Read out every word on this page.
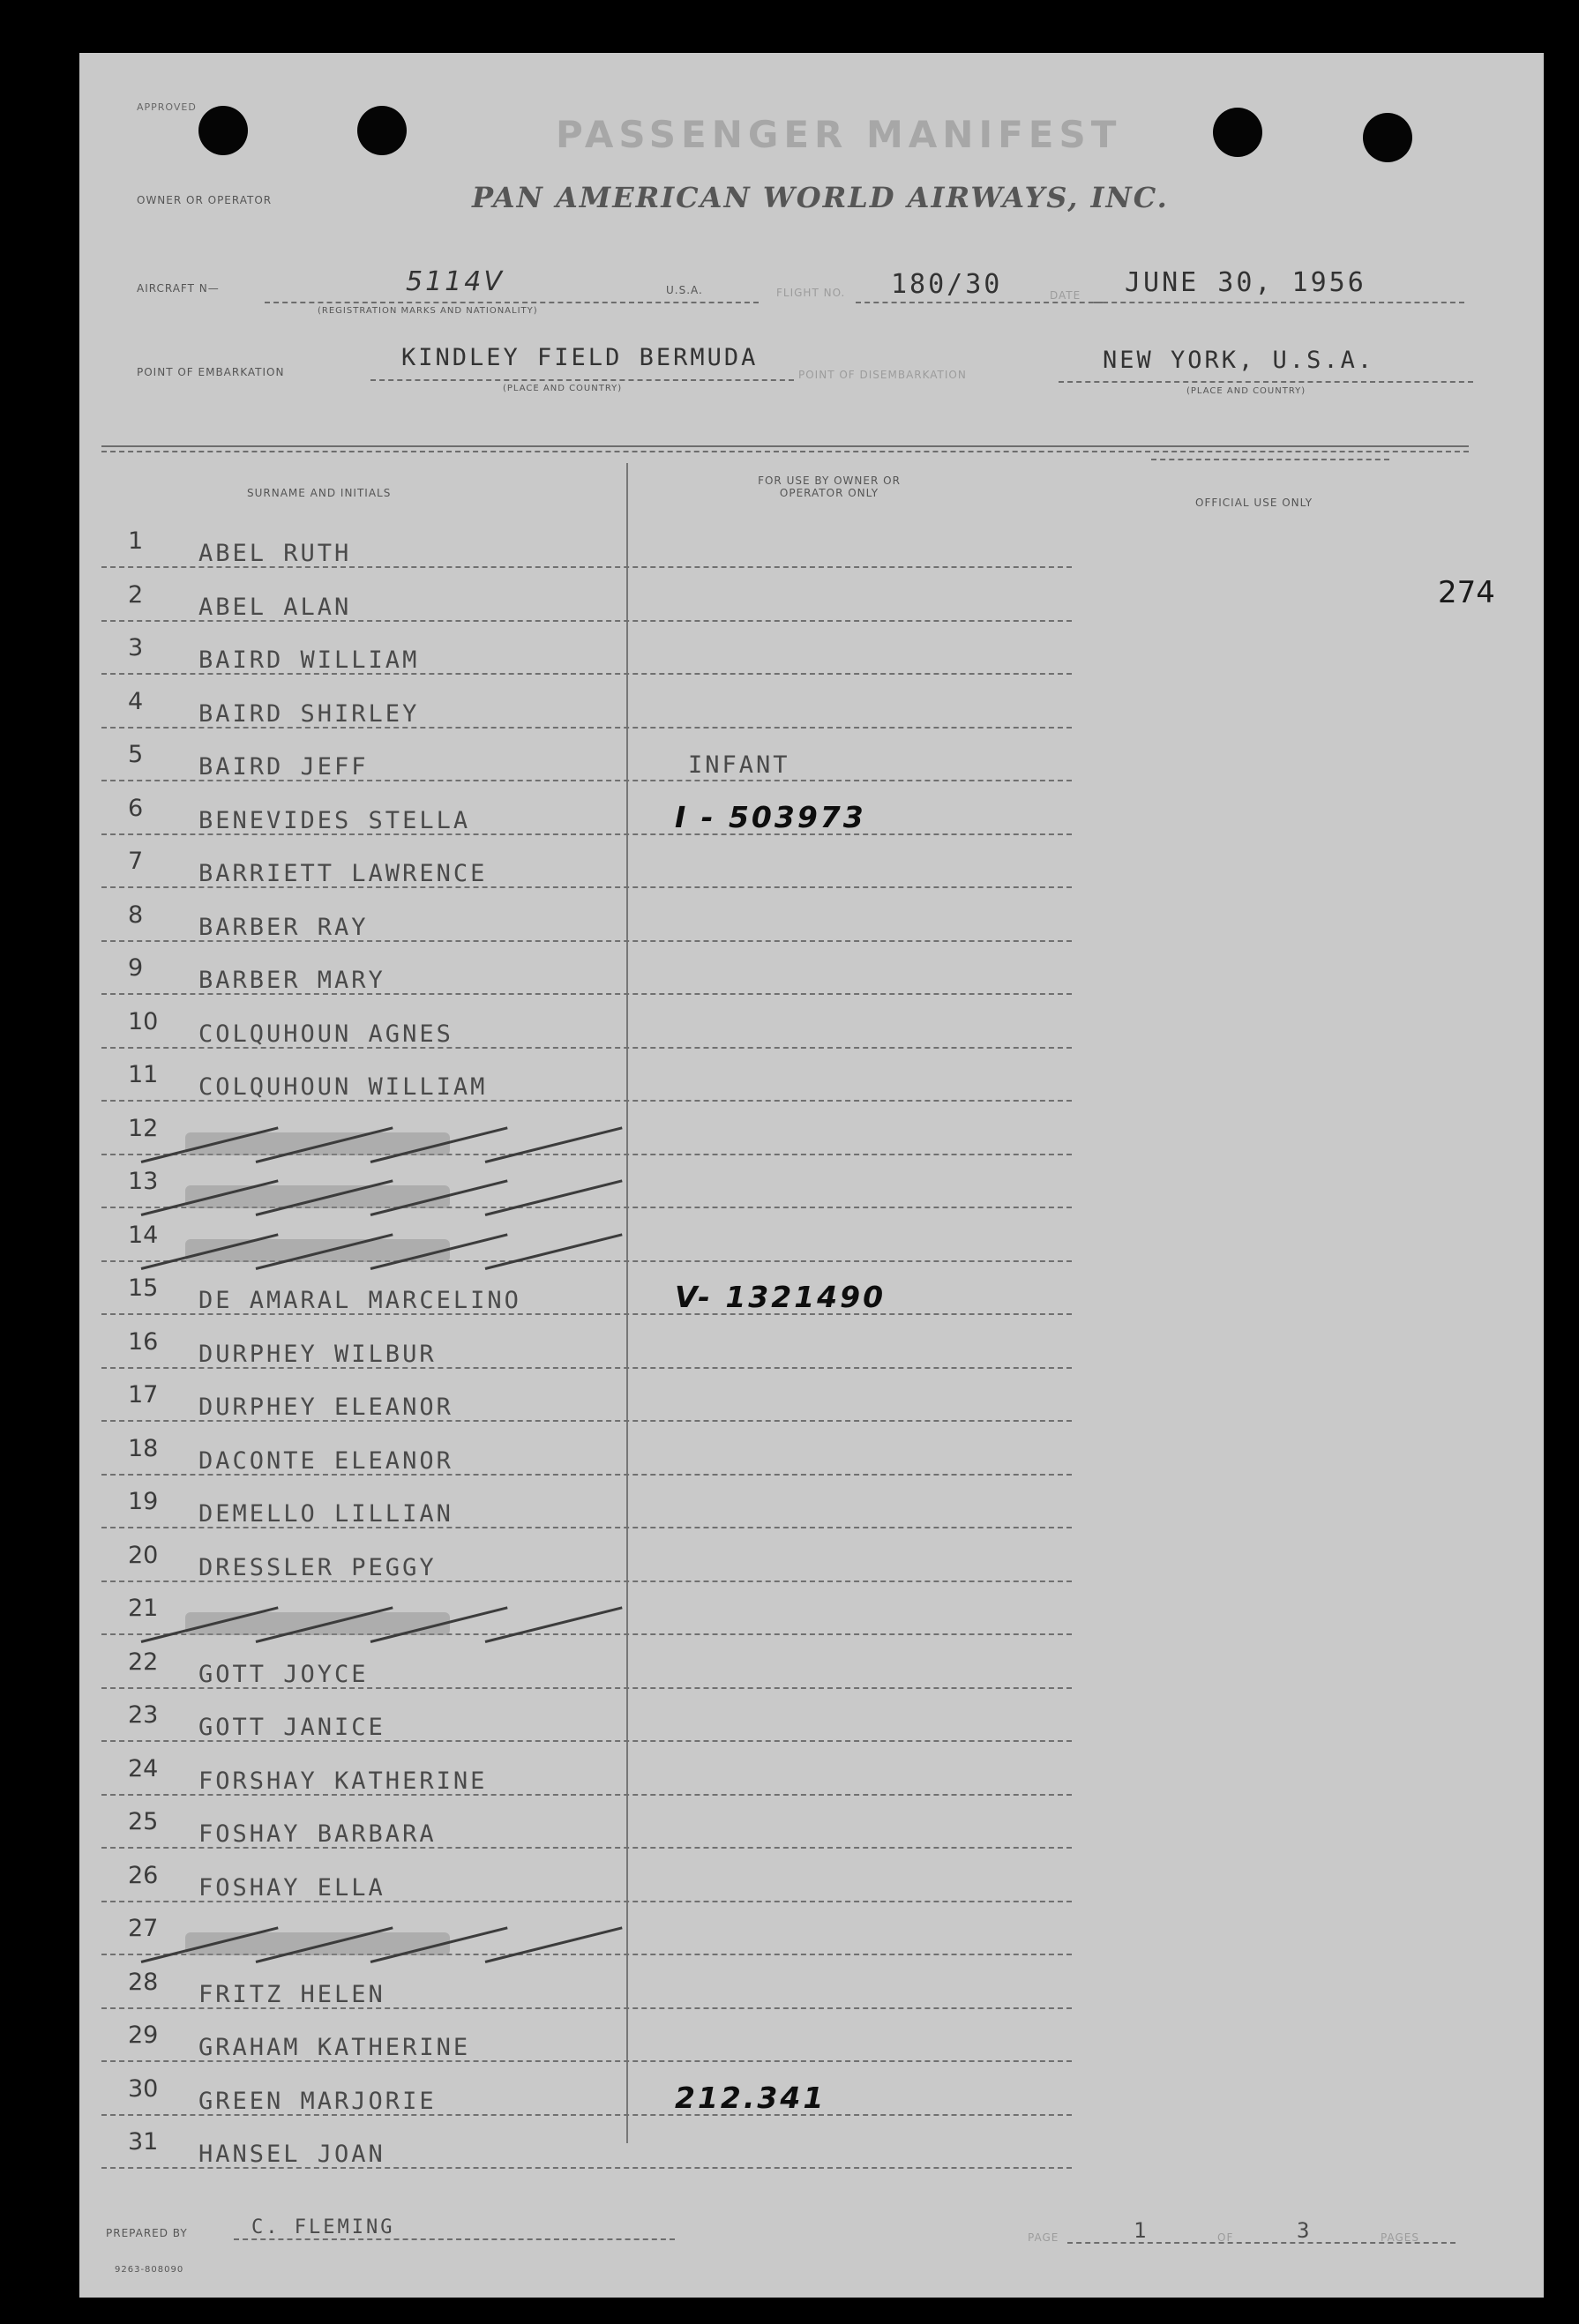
APPROVED
PASSENGER MANIFEST
OWNER OR OPERATOR	PAN AMERICAN WORLD AIRWAYS, INC.
AIRCRAFT N—	5114V
(REGISTRATION MARKS AND NATIONALITY)
U.S.A.	FLIGHT NO. 180/30	DATE JUNE 30, 1956
POINT OF EMBARKATION
KINDLEY FIELD BERMUDA
(PLACE AND COUNTRY)
POINT OF DISEMBARKATION
NEW YORK, U.S.A.
(PLACE AND COUNTRY)
SURNAME AND INITIALS
FOR USE BY OWNER OR OPERATOR ONLY
OFFICIAL USE ONLY
274
1 ABEL RUTH
2 ABEL ALAN
3 BAIRD WILLIAM
4 BAIRD SHIRLEY
5 BAIRD JEFF	INFANT
6 BENEVIDES STELLA	I - 503973
7 BARRIETT LAWRENCE
8 BARBER RAY
9 BARBER MARY
10 COLQUHOUN AGNES
11 COLQUHOUN WILLIAM
12
13
14
15 DE AMARAL MARCELINO	V- 1321490
16 DURPHEY WILBUR
17 DURPHEY ELEANOR
18 DACONTE ELEANOR
19 DEMELLO LILLIAN
20 DRESSLER PEGGY
21
22 GOTT JOYCE
23 GOTT JANICE
24 FORSHAY KATHERINE
25 FOSHAY BARBARA
26 FOSHAY ELLA
27
28 FRITZ HELEN
29 GRAHAM KATHERINE
30 GREEN MARJORIE	212.341
31 HANSEL JOAN
PREPARED BY	C. FLEMING	PAGE	1	OF	3	PAGES
9263-808090
